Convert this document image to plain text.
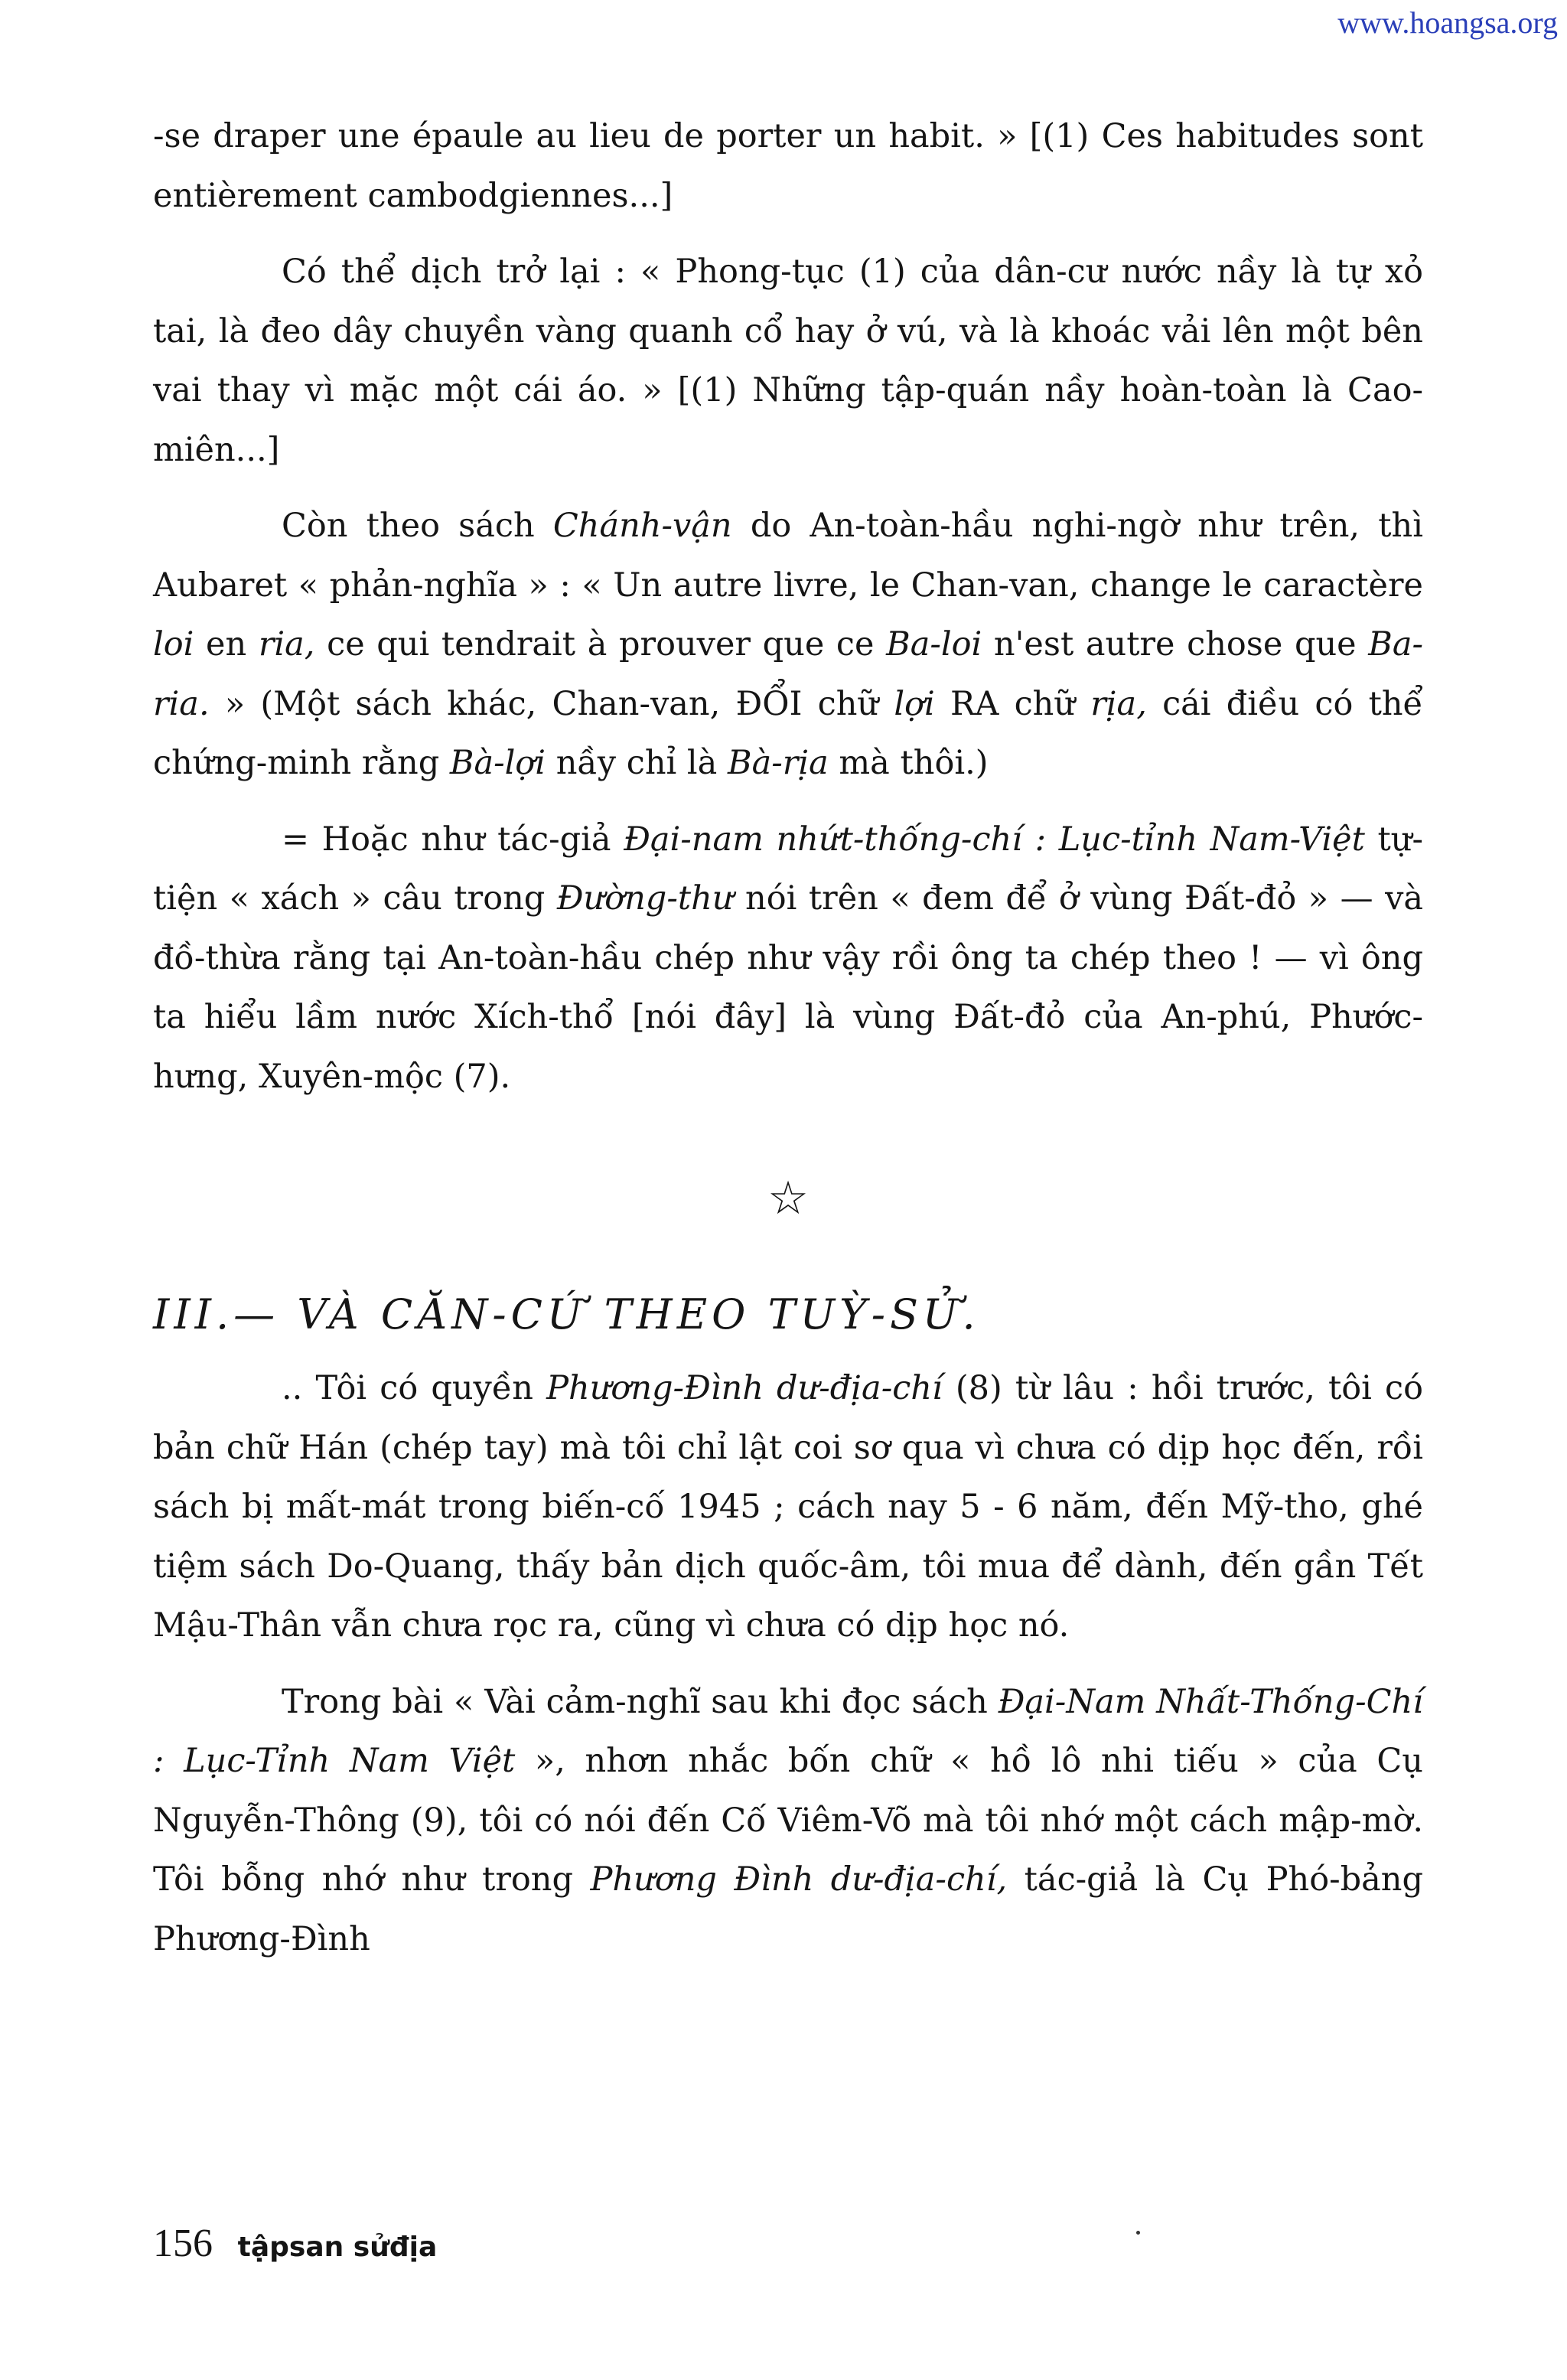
www.hoangsa.org

-se draper une épaule au lieu de porter un habit. » [(1) Ces habitudes sont entièrement cambodgiennes...]

Có thể dịch trở lại : « Phong-tục (1) của dân-cư nước nầy là tự xỏ tai, là đeo dây chuyền vàng quanh cổ hay ở vú, và là khoác vải lên một bên vai thay vì mặc một cái áo. » [(1) Những tập-quán nầy hoàn-toàn là Cao-miên...]

Còn theo sách Chánh-vận do An-toàn-hầu nghi-ngờ như trên, thì Aubaret « phản-nghĩa » : « Un autre livre, le Chan-van, change le caractère loi en ria, ce qui tendrait à prouver que ce Ba-loi n'est autre chose que Ba-ria. » (Một sách khác, Chan-van, ĐỔI chữ lợi RA chữ rịa, cái điều có thể chứng-minh rằng Bà-lợi nầy chỉ là Bà-rịa mà thôi.)

= Hoặc như tác-giả Đại-nam nhứt-thống-chí : Lục-tỉnh Nam-Việt tự-tiện « xách » câu trong Đường-thư nói trên « đem để ở vùng Đất-đỏ » — và đồ-thừa rằng tại An-toàn-hầu chép như vậy rồi ông ta chép theo ! — vì ông ta hiểu lầm nước Xích-thổ [nói đây] là vùng Đất-đỏ của An-phú, Phước-hưng, Xuyên-mộc (7).

☆
III.— VÀ CĂN-CỨ THEO TUỲ-SỬ.

.. Tôi có quyền Phương-Đình dư-địa-chí (8) từ lâu : hồi trước, tôi có bản chữ Hán (chép tay) mà tôi chỉ lật coi sơ qua vì chưa có dịp học đến, rồi sách bị mất-mát trong biến-cố 1945 ; cách nay 5 - 6 năm, đến Mỹ-tho, ghé tiệm sách Do-Quang, thấy bản dịch quốc-âm, tôi mua để dành, đến gần Tết Mậu-Thân vẫn chưa rọc ra, cũng vì chưa có dịp học nó.

Trong bài « Vài cảm-nghĩ sau khi đọc sách Đại-Nam Nhất-Thống-Chí : Lục-Tỉnh Nam Việt », nhơn nhắc bốn chữ « hồ lô nhi tiếu » của Cụ Nguyễn-Thông (9), tôi có nói đến Cố Viêm-Võ mà tôi nhớ một cách mập-mờ. Tôi bỗng nhớ như trong Phương Đình dư-địa-chí, tác-giả là Cụ Phó-bảng Phương-Đình

156 tậpsan sửđịa
